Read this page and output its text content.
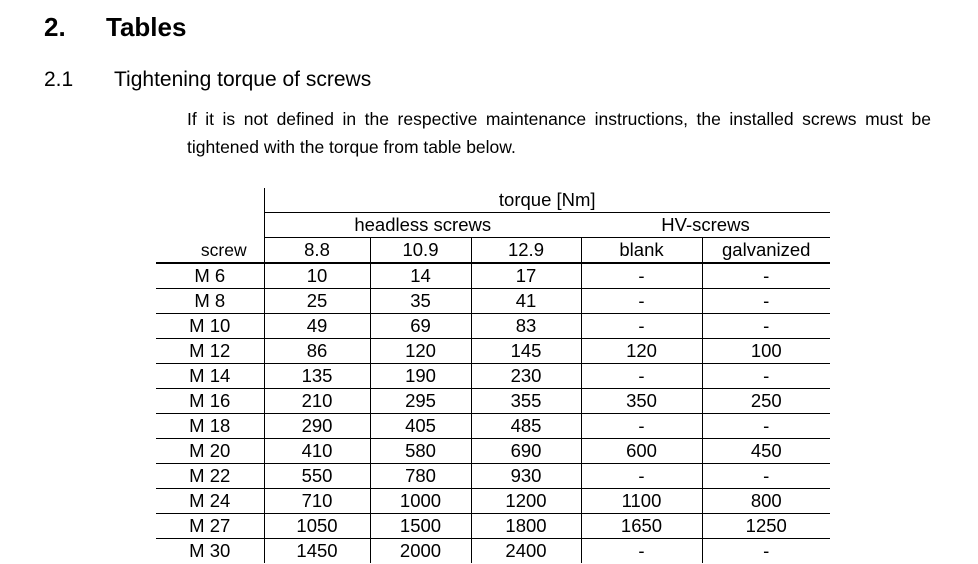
2.	Tables
2.1	Tightening torque of screws
If it is not defined in the respective maintenance instructions, the installed screws must be tightened with the torque from table below.
screw	torque [Nm]				
	headless screws			HV-screws	
	8.8	10.9	12.9	blank	galvanized
M 6	10	14	17	-	-
M 8	25	35	41	-	-
M 10	49	69	83	-	-
M 12	86	120	145	120	100
M 14	135	190	230	-	-
M 16	210	295	355	350	250
M 18	290	405	485	-	-
M 20	410	580	690	600	450
M 22	550	780	930	-	-
M 24	710	1000	1200	1100	800
M 27	1050	1500	1800	1650	1250
M 30	1450	2000	2400	-	-
